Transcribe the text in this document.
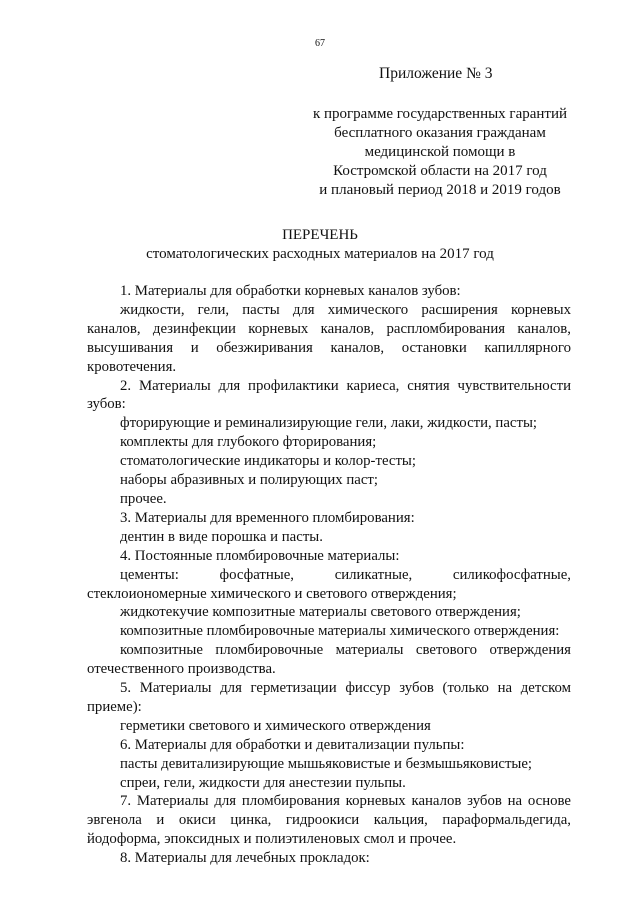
67
Приложение № 3
к программе государственных гарантий
бесплатного оказания гражданам
медицинской помощи в
Костромской области на 2017 год
и плановый период 2018 и 2019 годов
ПЕРЕЧЕНЬ
стоматологических расходных материалов на 2017 год

1. Материалы для обработки корневых каналов зубов:

жидкости, гели, пасты для химического расширения корневых каналов, дезинфекции корневых каналов, распломбирования каналов, высушивания и обезжиривания каналов, остановки капиллярного кровотечения.

2. Материалы для профилактики кариеса, снятия чувствительности зубов:

фторирующие и реминализирующие гели, лаки, жидкости, пасты;

комплекты для глубокого фторирования;

стоматологические индикаторы и колор-тесты;

наборы абразивных и полирующих паст;

прочее.

3. Материалы для временного пломбирования:

дентин в виде порошка и пасты.

4. Постоянные пломбировочные материалы:

цементы: фосфатные, силикатные, силикофосфатные, стеклоиономерные химического и светового отверждения;

жидкотекучие композитные материалы светового отверждения;

композитные пломбировочные материалы химического отверждения:

композитные пломбировочные материалы светового отверждения отечественного производства.

5. Материалы для герметизации фиссур зубов (только на детском приеме):

герметики светового и химического отверждения

6. Материалы для обработки и девитализации пульпы:

пасты девитализирующие мышьяковистые и безмышьяковистые;

спреи, гели, жидкости для анестезии пульпы.

7. Материалы для пломбирования корневых каналов зубов на основе эвгенола и окиси цинка, гидроокиси кальция, параформальдегида, йодоформа, эпоксидных и полиэтиленовых смол и прочее.

8. Материалы для лечебных прокладок:
